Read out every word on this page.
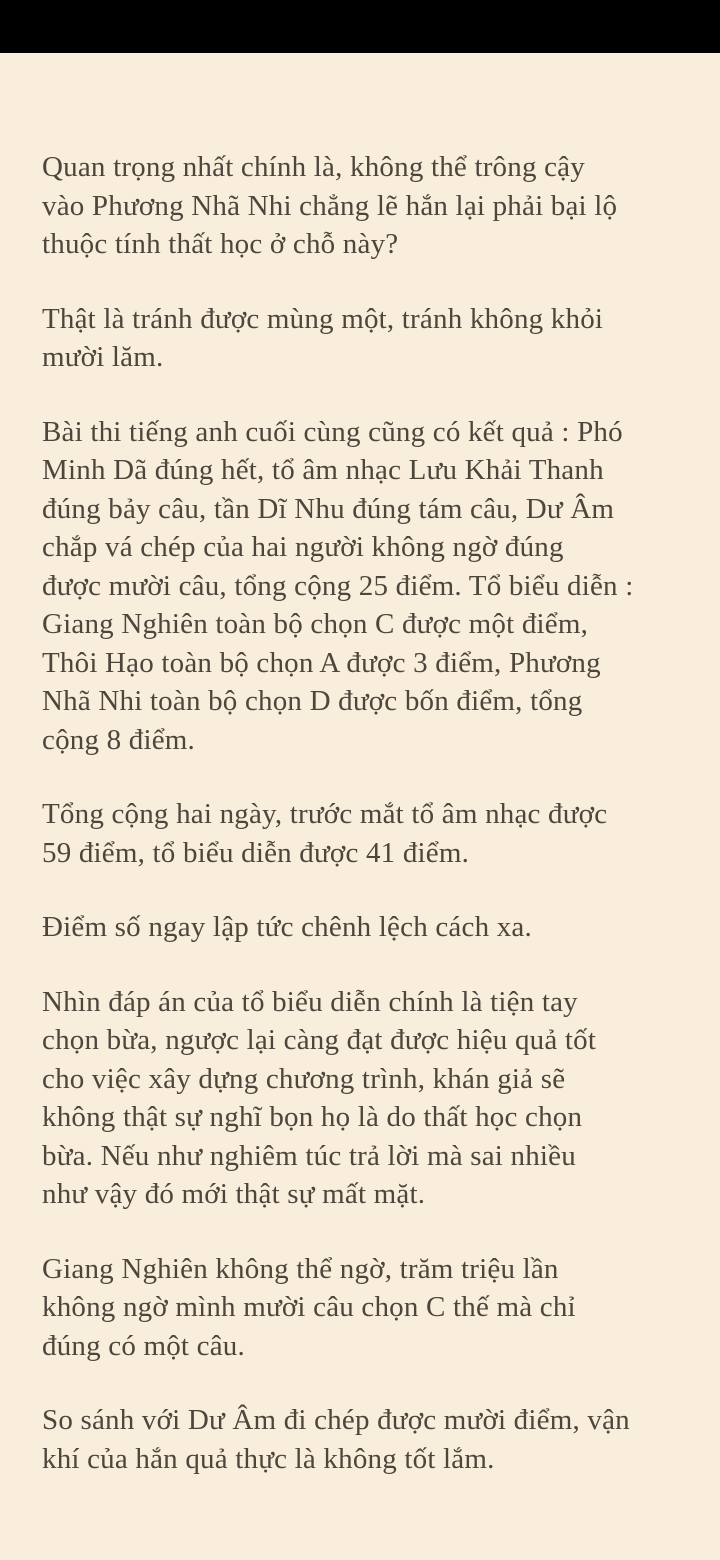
Quan trọng nhất chính là, không thể trông cậy
vào Phương Nhã Nhi chẳng lẽ hắn lại phải bại lộ
thuộc tính thất học ở chỗ này?
Thật là tránh được mùng một, tránh không khỏi
mười lăm.
Bài thi tiếng anh cuối cùng cũng có kết quả : Phó
Minh Dã đúng hết, tổ âm nhạc Lưu Khải Thanh
đúng bảy câu, tần Dĩ Nhu đúng tám câu, Dư Âm
chắp vá chép của hai người không ngờ đúng
được mười câu, tổng cộng 25 điểm. Tổ biểu diễn :
Giang Nghiên toàn bộ chọn C được một điểm,
Thôi Hạo toàn bộ chọn A được 3 điểm, Phương
Nhã Nhi toàn bộ chọn D được bốn điểm, tổng
cộng 8 điểm.
Tổng cộng hai ngày, trước mắt tổ âm nhạc được
59 điểm, tổ biểu diễn được 41 điểm.
Điểm số ngay lập tức chênh lệch cách xa.
Nhìn đáp án của tổ biểu diễn chính là tiện tay
chọn bừa, ngược lại càng đạt được hiệu quả tốt
cho việc xây dựng chương trình, khán giả sẽ
không thật sự nghĩ bọn họ là do thất học chọn
bừa. Nếu như nghiêm túc trả lời mà sai nhiều
như vậy đó mới thật sự mất mặt.
Giang Nghiên không thể ngờ, trăm triệu lần
không ngờ mình mười câu chọn C thế mà chỉ
đúng có một câu.
So sánh với Dư Âm đi chép được mười điểm, vận
khí của hắn quả thực là không tốt lắm.
